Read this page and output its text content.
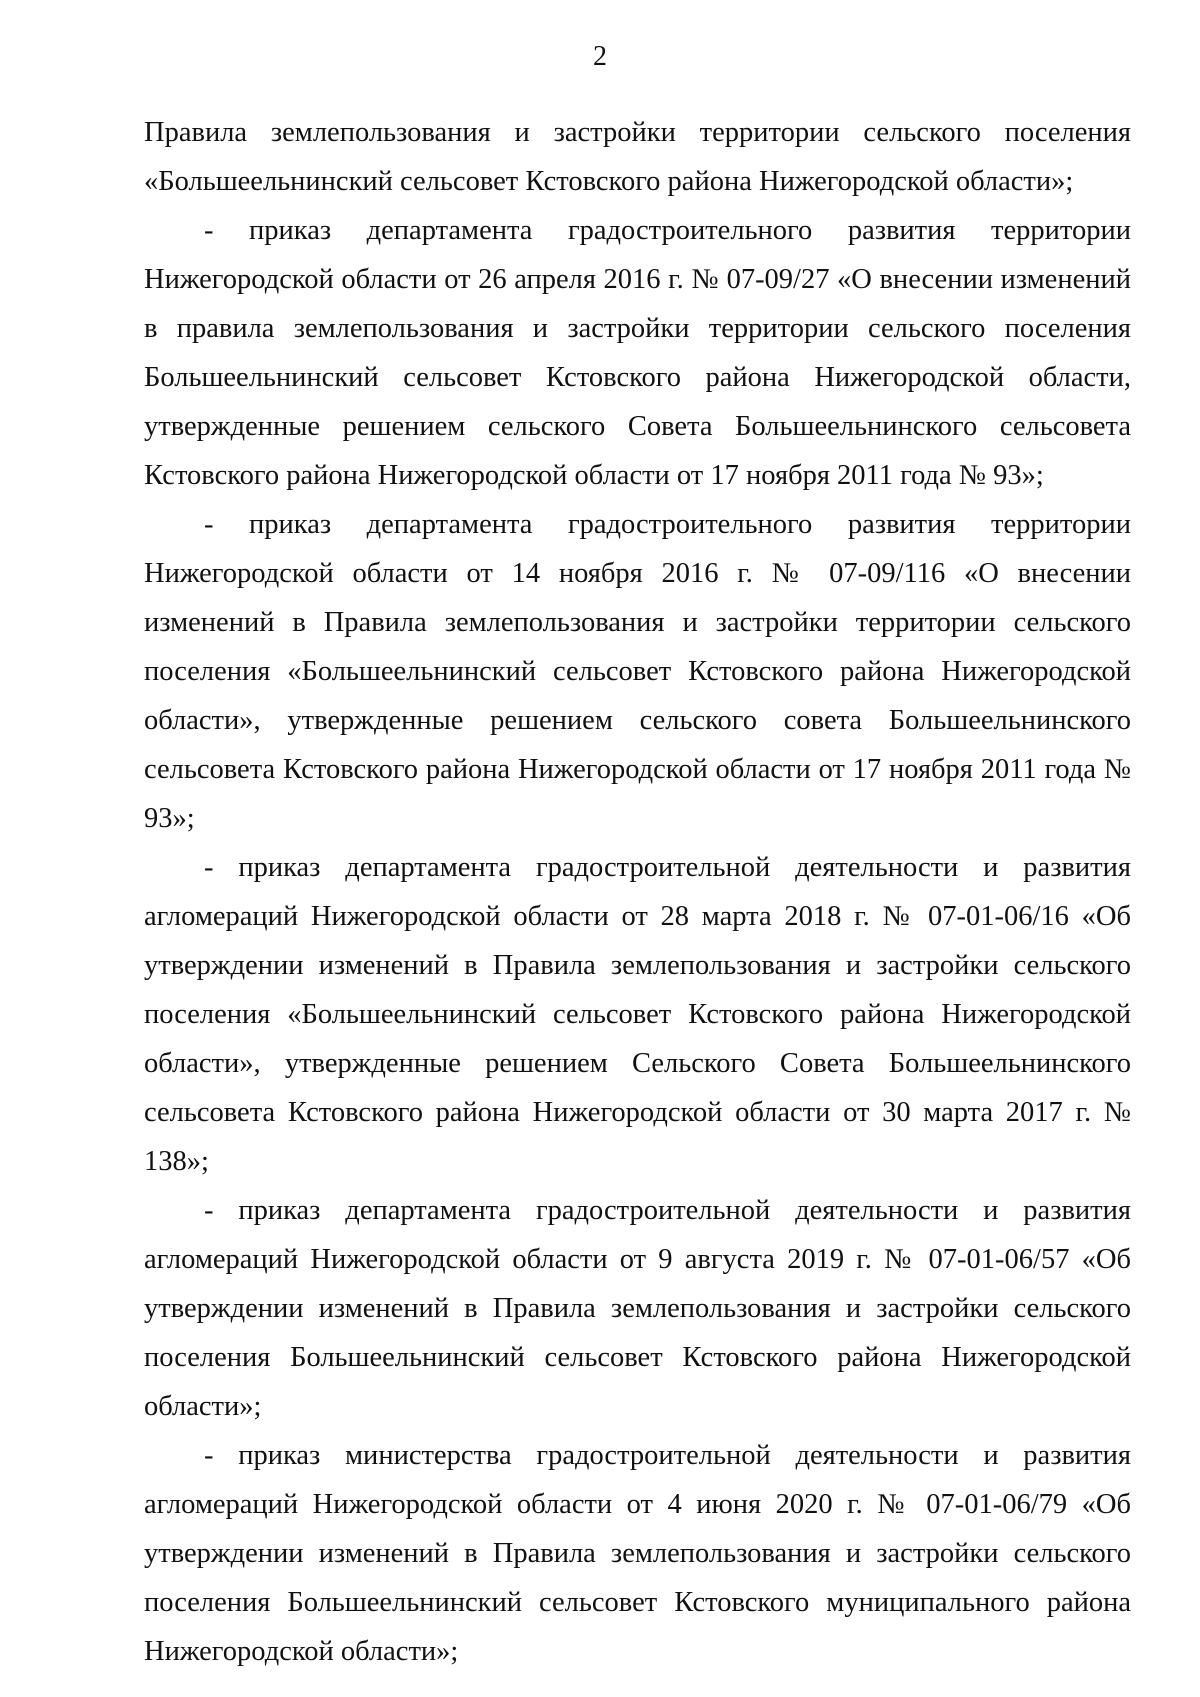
2

Правила землепользования и застройки территории сельского поселения «Большеельнинский сельсовет Кстовского района Нижегородской области»;

- приказ департамента градостроительного развития территории Нижегородской области от 26 апреля 2016 г. № 07-09/27 «О внесении изменений в правила землепользования и застройки территории сельского поселения Большеельнинский сельсовет Кстовского района Нижегородской области, утвержденные решением сельского Совета Большеельнинского сельсовета Кстовского района Нижегородской области от 17 ноября 2011 года № 93»;

- приказ департамента градостроительного развития территории Нижегородской области от 14 ноября 2016 г. № 07-09/116 «О внесении изменений в Правила землепользования и застройки территории сельского поселения «Большеельнинский сельсовет Кстовского района Нижегородской области», утвержденные решением сельского совета Большеельнинского сельсовета Кстовского района Нижегородской области от 17 ноября 2011 года № 93»;

- приказ департамента градостроительной деятельности и развития агломераций Нижегородской области от 28 марта 2018 г. № 07-01-06/16 «Об утверждении изменений в Правила землепользования и застройки сельского поселения «Большеельнинский сельсовет Кстовского района Нижегородской области», утвержденные решением Сельского Совета Большеельнинского сельсовета Кстовского района Нижегородской области от 30 марта 2017 г. № 138»;

- приказ департамента градостроительной деятельности и развития агломераций Нижегородской области от 9 августа 2019 г. № 07-01-06/57 «Об утверждении изменений в Правила землепользования и застройки сельского поселения Большеельнинский сельсовет Кстовского района Нижегородской области»;

- приказ министерства градостроительной деятельности и развития агломераций Нижегородской области от 4 июня 2020 г. № 07-01-06/79 «Об утверждении изменений в Правила землепользования и застройки сельского поселения Большеельнинский сельсовет Кстовского муниципального района Нижегородской области»;
